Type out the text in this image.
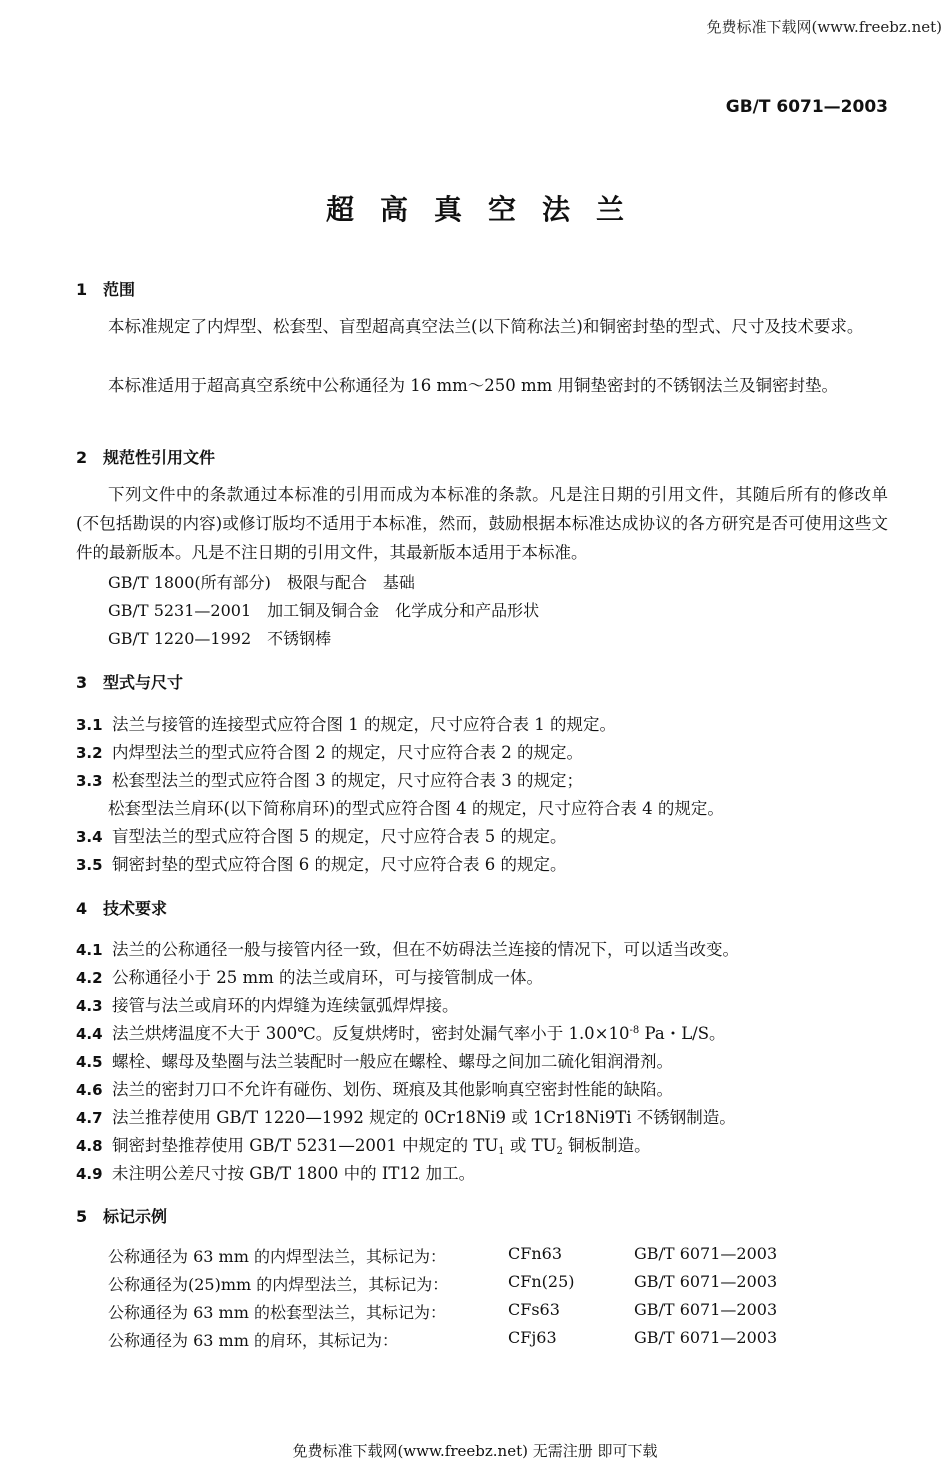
免费标准下载网(www.freebz.net)
GB/T 6071—2003
超高真空法兰
1 范围
本标准规定了内焊型、松套型、盲型超高真空法兰(以下简称法兰)和铜密封垫的型式、尺寸及技术要求。
本标准适用于超高真空系统中公称通径为 16 mm～250 mm 用铜垫密封的不锈钢法兰及铜密封垫。
2 规范性引用文件
下列文件中的条款通过本标准的引用而成为本标准的条款。凡是注日期的引用文件，其随后所有的修改单(不包括勘误的内容)或修订版均不适用于本标准，然而，鼓励根据本标准达成协议的各方研究是否可使用这些文件的最新版本。凡是不注日期的引用文件，其最新版本适用于本标准。
GB/T 1800(所有部分)　极限与配合　基础
GB/T 5231—2001　加工铜及铜合金　化学成分和产品形状
GB/T 1220—1992　不锈钢棒
3 型式与尺寸
3.1 法兰与接管的连接型式应符合图 1 的规定，尺寸应符合表 1 的规定。
3.2 内焊型法兰的型式应符合图 2 的规定，尺寸应符合表 2 的规定。
3.3 松套型法兰的型式应符合图 3 的规定，尺寸应符合表 3 的规定；
松套型法兰肩环(以下简称肩环)的型式应符合图 4 的规定，尺寸应符合表 4 的规定。
3.4 盲型法兰的型式应符合图 5 的规定，尺寸应符合表 5 的规定。
3.5 铜密封垫的型式应符合图 6 的规定，尺寸应符合表 6 的规定。
4 技术要求
4.1 法兰的公称通径一般与接管内径一致，但在不妨碍法兰连接的情况下，可以适当改变。
4.2 公称通径小于 25 mm 的法兰或肩环，可与接管制成一体。
4.3 接管与法兰或肩环的内焊缝为连续氩弧焊焊接。
4.4 法兰烘烤温度不大于 300℃。反复烘烤时，密封处漏气率小于 $1.0\times 10^{-8}$ Pa・L/S。
4.5 螺栓、螺母及垫圈与法兰装配时一般应在螺栓、螺母之间加二硫化钼润滑剂。
4.6 法兰的密封刀口不允许有碰伤、划伤、斑痕及其他影响真空密封性能的缺陷。
4.7 法兰推荐使用 GB/T 1220—1992 规定的 0Cr18Ni9 或 1Cr18Ni9Ti 不锈钢制造。
4.8 铜密封垫推荐使用 GB/T 5231—2001 中规定的 $TU_1$ 或 $TU_2$ 铜板制造。
4.9 未注明公差尺寸按 GB/T 1800 中的 IT12 加工。
5 标记示例
公称通径为 63 mm 的内焊型法兰，其标记为：	CFn63	GB/T 6071—2003
公称通径为(25)mm 的内焊型法兰，其标记为：	CFn(25)	GB/T 6071—2003
公称通径为 63 mm 的松套型法兰，其标记为：	CFs63	GB/T 6071—2003
公称通径为 63 mm 的肩环，其标记为：	CFj63	GB/T 6071—2003
免费标准下载网(www.freebz.net) 无需注册 即可下载
